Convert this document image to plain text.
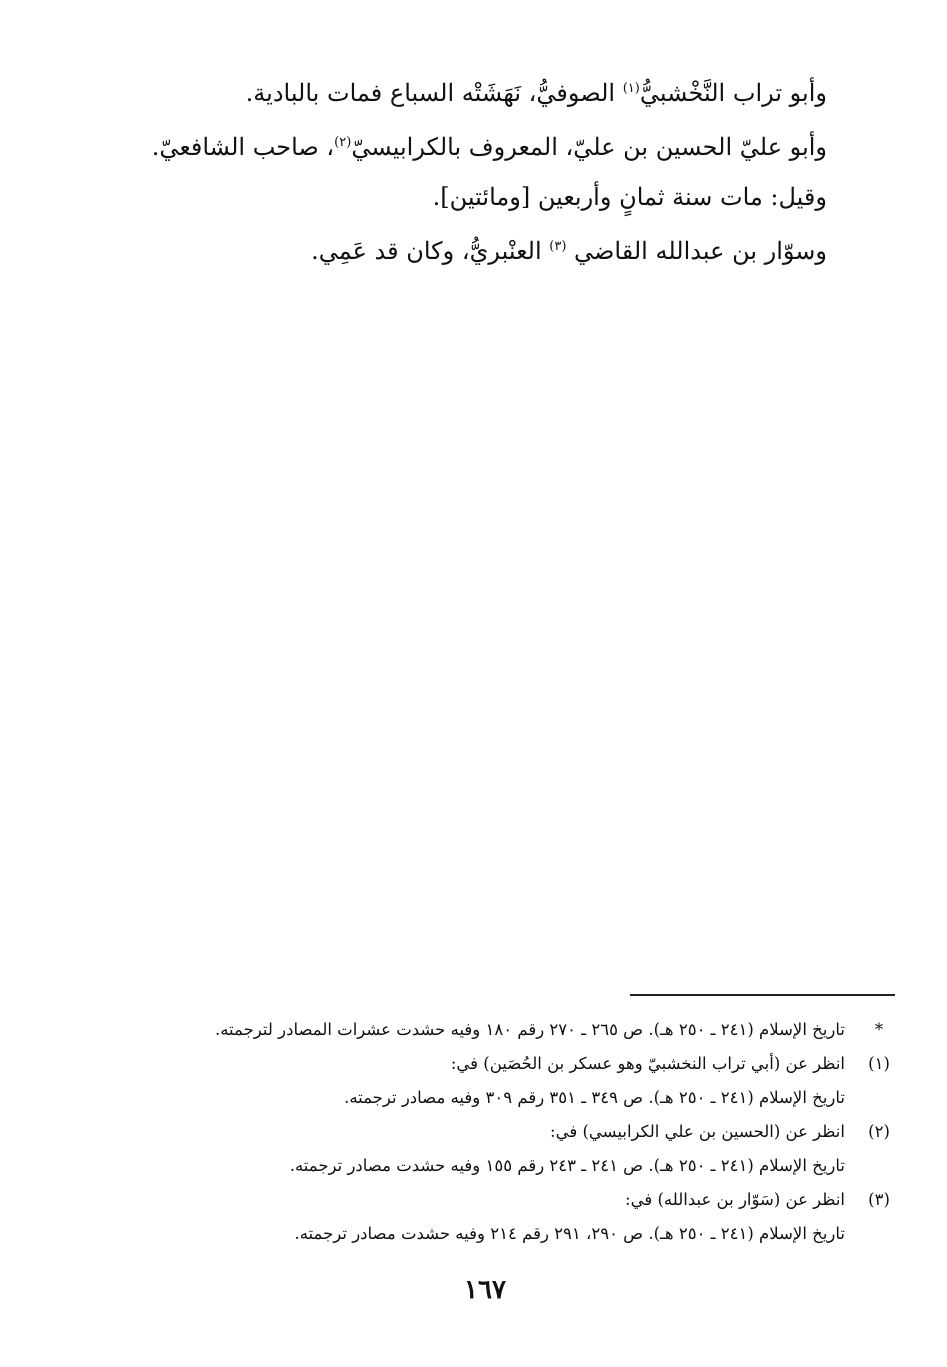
وأبو تراب النَّخْشبيُّ$^{(١)}$ الصوفيُّ، نَهَشَتْه السباع فمات بالبادية.
وأبو عليّ الحسين بن عليّ، المعروف بالكرابيسيّ$^{(٢)}$، صاحب الشافعيّ.
وقيل: مات سنة ثمانٍ وأربعين [ومائتين].
وسوّار بن عبدالله القاضي $^{(٣)}$ العنْبريُّ، وكان قد عَمِي.
*
تاريخ الإسلام (٢٤١ ـ ٢٥٠ هـ). ص ٢٦٥ ـ ٢٧٠ رقم ١٨٠ وفيه حشدت عشرات المصادر لترجمته.
(١)
انظر عن (أبي تراب النخشبيّ وهو عسكر بن الحُصَين) في:
تاريخ الإسلام (٢٤١ ـ ٢٥٠ هـ). ص ٣٤٩ ـ ٣٥١ رقم ٣٠٩ وفيه مصادر ترجمته.
(٢)
انظر عن (الحسين بن علي الكرابيسي) في:
تاريخ الإسلام (٢٤١ ـ ٢٥٠ هـ). ص ٢٤١ ـ ٢٤٣ رقم ١٥٥ وفيه حشدت مصادر ترجمته.
(٣)
انظر عن (سَوّار بن عبدالله) في:
تاريخ الإسلام (٢٤١ ـ ٢٥٠ هـ). ص ٢٩٠، ٢٩١ رقم ٢١٤ وفيه حشدت مصادر ترجمته.
١٦٧
